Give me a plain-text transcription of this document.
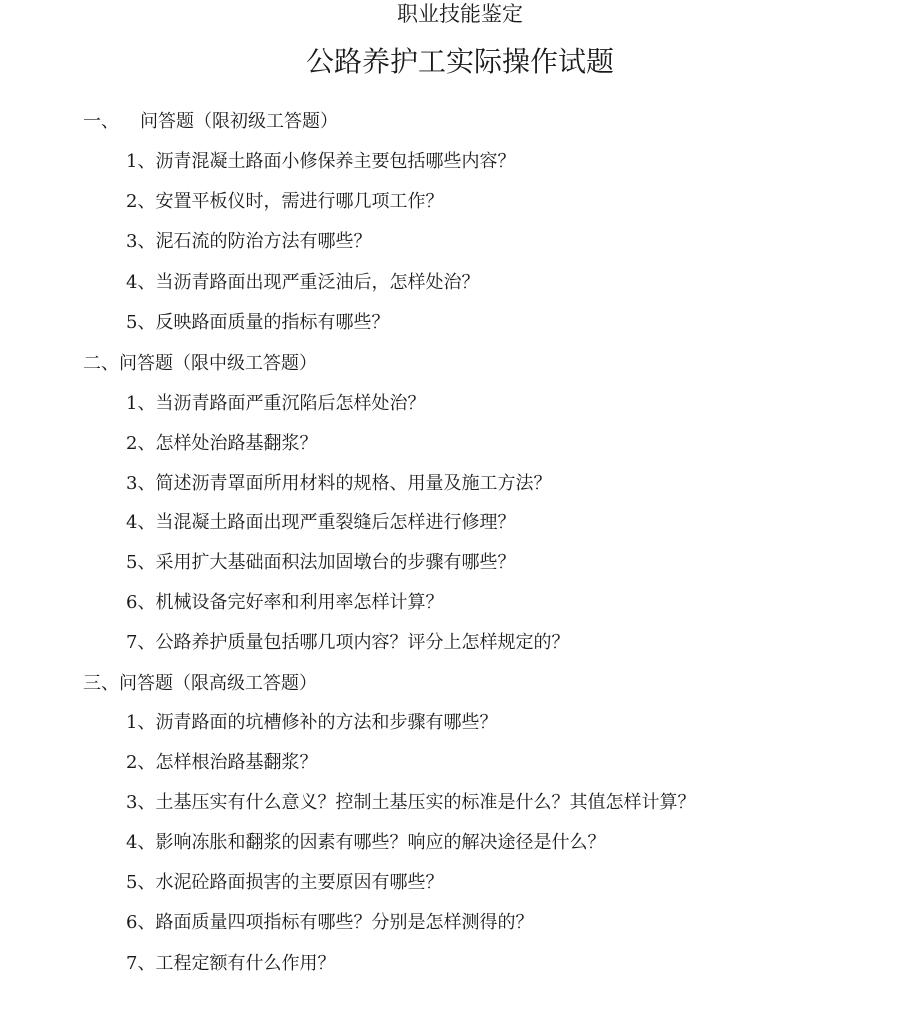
职业技能鉴定
公路养护工实际操作试题
一、 问答题（限初级工答题）
1、沥青混凝土路面小修保养主要包括哪些内容？
2、安置平板仪时，需进行哪几项工作？
3、泥石流的防治方法有哪些？
4、当沥青路面出现严重泛油后，怎样处治？
5、反映路面质量的指标有哪些？
二、问答题（限中级工答题）
1、当沥青路面严重沉陷后怎样处治？
2、怎样处治路基翻浆？
3、简述沥青罩面所用材料的规格、用量及施工方法？
4、当混凝土路面出现严重裂缝后怎样进行修理？
5、采用扩大基础面积法加固墩台的步骤有哪些？
6、机械设备完好率和利用率怎样计算？
7、公路养护质量包括哪几项内容？评分上怎样规定的？
三、问答题（限高级工答题）
1、沥青路面的坑槽修补的方法和步骤有哪些？
2、怎样根治路基翻浆？
3、土基压实有什么意义？控制土基压实的标准是什么？其值怎样计算？
4、影响冻胀和翻浆的因素有哪些？响应的解决途径是什么？
5、水泥砼路面损害的主要原因有哪些？
6、路面质量四项指标有哪些？分别是怎样测得的？
7、工程定额有什么作用？
